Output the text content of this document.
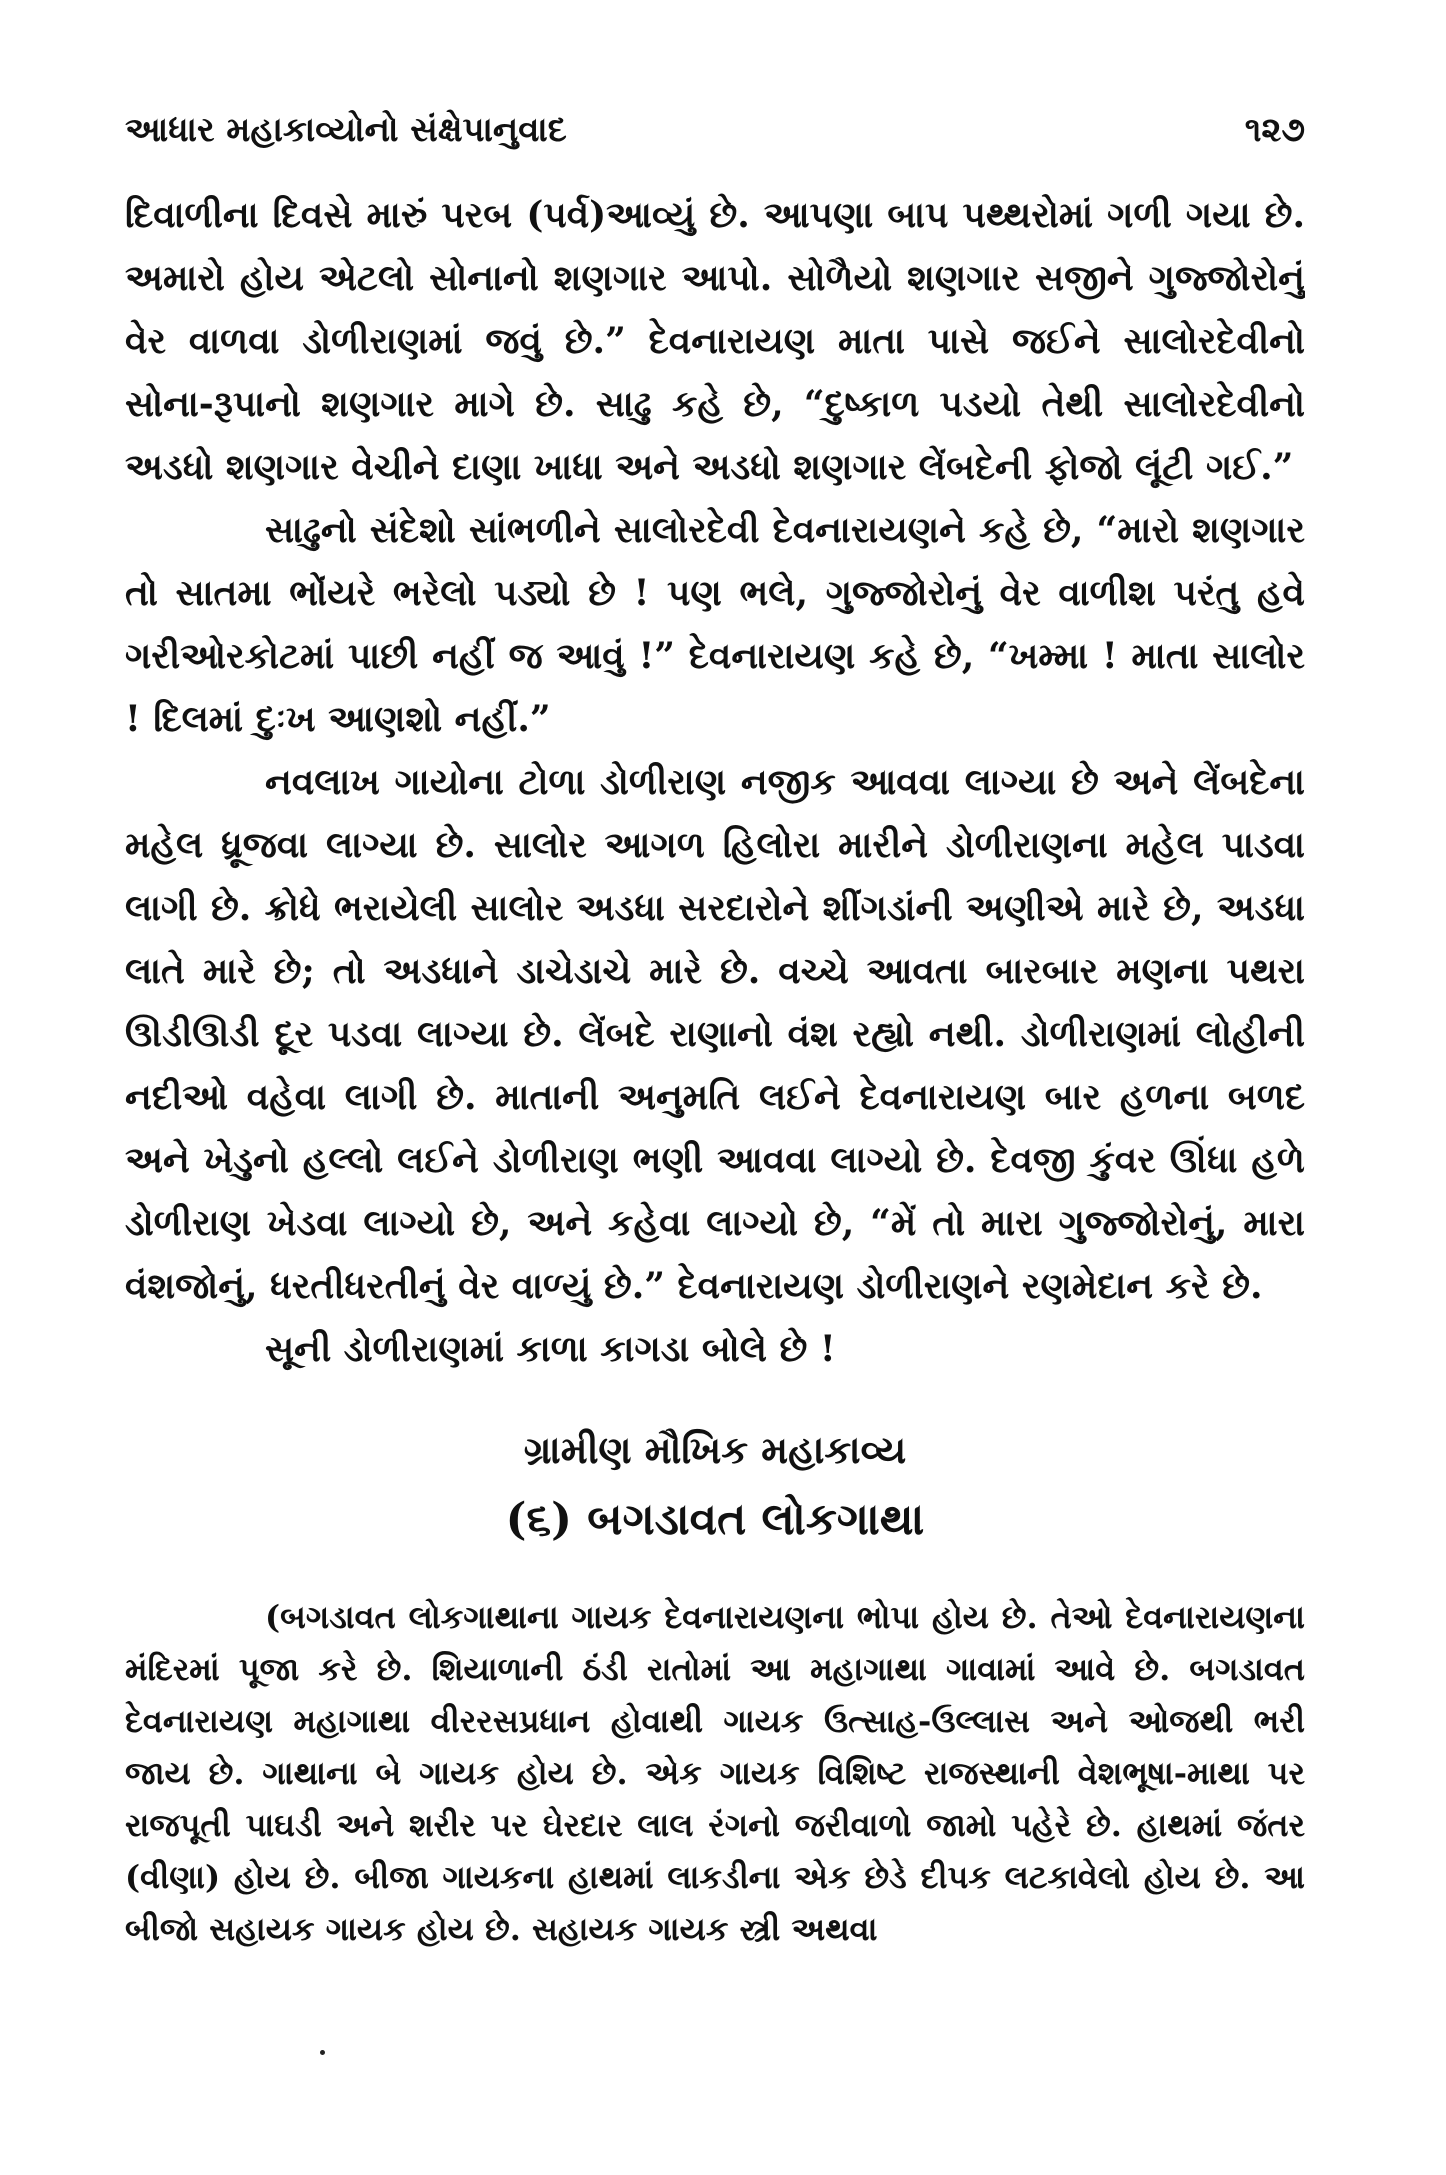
આધાર મહાકાવ્યોનો સંક્ષેપાનુવાદ	૧૨૭

દિવાળીના દિવસે મારું પરબ (પર્વ)આવ્યું છે. આપણા બાપ પથ્થરોમાં ગળી ગયા છે. અમારો હોય એટલો સોનાનો શણગાર આપો. સોળૈયો શણગાર સજીને ગુજ્જોરોનું વેર વાળવા ડોળીરાણમાં જવું છે.” દેવનારાયણ માતા પાસે જઈને સાલોરદેવીનો સોના-રૂપાનો શણગાર માગે છે. સાઢુ કહે છે, “દુષ્કાળ પડયો તેથી સાલોરદેવીનો અડધો શણગાર વેચીને દાણા ખાધા અને અડધો શણગાર લેંબદેની ફોજો લૂંટી ગઈ.”

સાઢુનો સંદેશો સાંભળીને સાલોરદેવી દેવનારાયણને કહે છે, “મારો શણગાર તો સાતમા ભોંયરે ભરેલો પડ્યો છે ! પણ ભલે, ગુજ્જોરોનું વેર વાળીશ પરંતુ હવે ગરીઓરકોટમાં પાછી નહીં જ આવું !” દેવનારાયણ કહે છે, “ખમ્મા ! માતા સાલોર ! દિલમાં દુઃખ આણશો નહીં.”

નવલાખ ગાયોના ટોળા ડોળીરાણ નજીક આવવા લાગ્યા છે અને લેંબદેના મહેલ ધ્રૂજવા લાગ્યા છે. સાલોર આગળ હિલોરા મારીને ડોળીરાણના મહેલ પાડવા લાગી છે. ક્રોધે ભરાયેલી સાલોર અડધા સરદારોને શીંગડાંની અણીએ મારે છે, અડધા લાતે મારે છે; તો અડધાને ડાચેડાચે મારે છે. વચ્ચે આવતા બારબાર મણના પથરા ઊડીઊડી દૂર પડવા લાગ્યા છે. લેંબદે રાણાનો વંશ રહ્યો નથી. ડોળીરાણમાં લોહીની નદીઓ વહેવા લાગી છે. માતાની અનુમતિ લઈને દેવનારાયણ બાર હળના બળદ અને ખેડુનો હલ્લો લઈને ડોળીરાણ ભણી આવવા લાગ્યો છે. દેવજી કુંવર ઊંધા હળે ડોળીરાણ ખેડવા લાગ્યો છે, અને કહેવા લાગ્યો છે, “મેં તો મારા ગુજ્જોરોનું, મારા વંશજોનું, ધરતીધરતીનું વેર વાળ્યું છે.” દેવનારાયણ ડોળીરાણને રણમેદાન કરે છે.

સૂની ડોળીરાણમાં કાળા કાગડા બોલે છે !

ગ્રામીણ મૌખિક મહાકાવ્ય
(૬) બગડાવત લોકગાથા

(બગડાવત લોકગાથાના ગાયક દેવનારાયણના ભોપા હોય છે. તેઓ દેવનારાયણના મંદિરમાં પૂજા કરે છે. શિયાળાની ઠંડી રાતોમાં આ મહાગાથા ગાવામાં આવે છે. બગડાવત દેવનારાયણ મહાગાથા વીરરસપ્રધાન હોવાથી ગાયક ઉત્સાહ-ઉલ્લાસ અને ઓજથી ભરી જાય છે. ગાથાના બે ગાયક હોય છે. એક ગાયક વિશિષ્ટ રાજસ્થાની વેશભૂષા-માથા પર રાજપૂતી પાઘડી અને શરીર પર ઘેરદાર લાલ રંગનો જરીવાળો જામો પહેરે છે. હાથમાં જંતર (વીણા) હોય છે. બીજા ગાયકના હાથમાં લાકડીના એક છેડે દીપક લટકાવેલો હોય છે. આ બીજો સહાયક ગાયક હોય છે. સહાયક ગાયક સ્ત્રી અથવા
